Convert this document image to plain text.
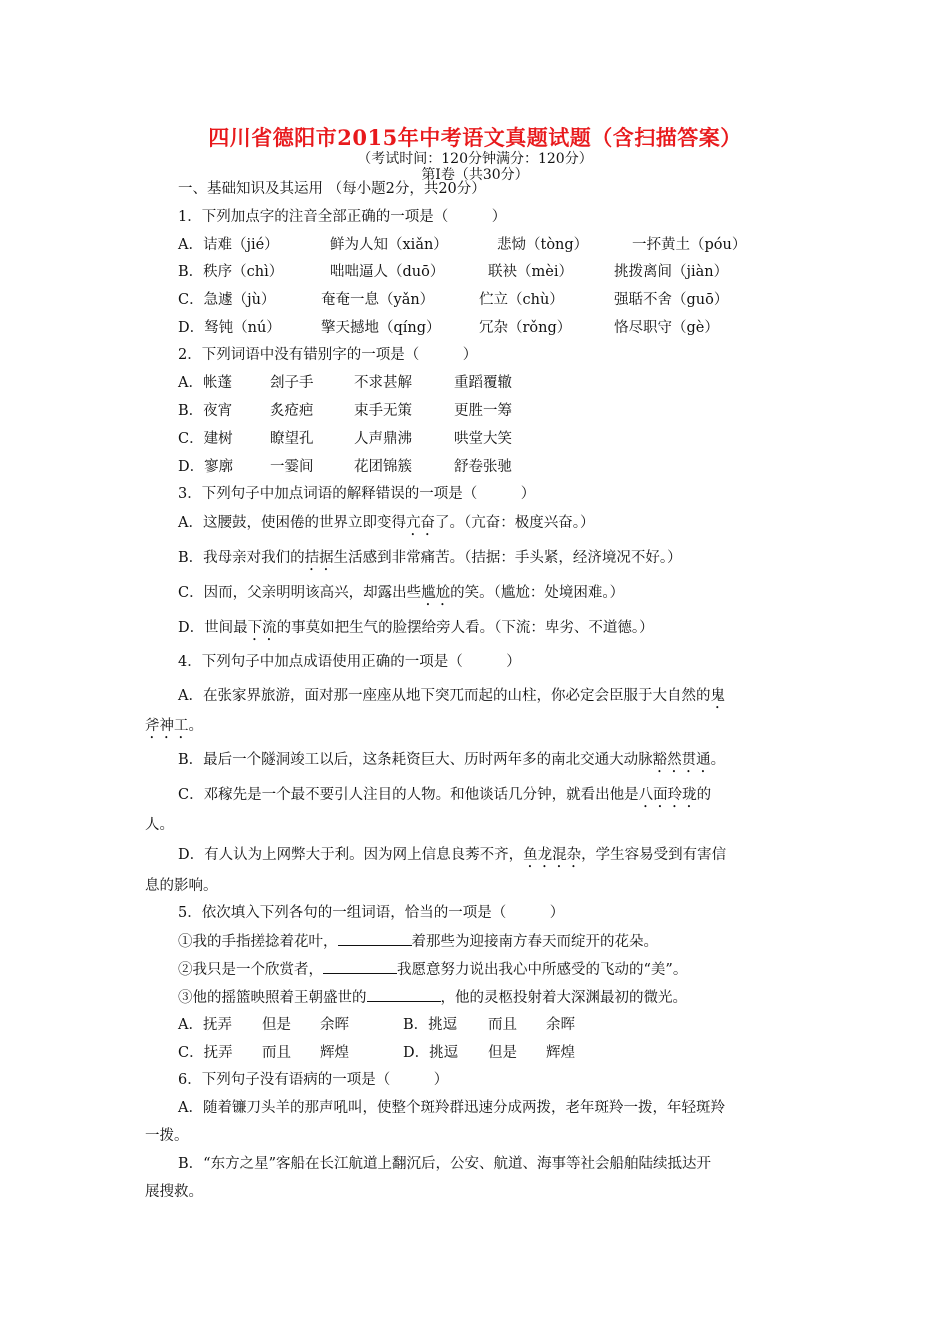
四川省德阳市2015年中考语文真题试题（含扫描答案）
（考试时间：120分钟满分：120分）
第Ⅰ卷（共30分）
一、基础知识及其运用 （每小题2分，共20分）
1．下列加点字的注音全部正确的一项是（　　　）
A．诘难（jié）	鲜为人知（xiǎn）	悲恸（tòng）	一抔黄土（póu）
B．秩序（chì）	咄咄逼人（duō）	联袂（mèi）	挑拨离间（jiàn）
C．急遽（jù）	奄奄一息（yǎn）	伫立（chù）	强聒不舍（guō）
D．驽钝（nú）	擎天撼地（qíng）	冗杂（rǒng）	恪尽职守（gè）
2．下列词语中没有错别字的一项是（　　　）
A．帐蓬	刽子手	不求甚解	重蹈覆辙
B．夜宵	炙疮疤	束手无策	更胜一筹
C．建树	瞭望孔	人声鼎沸	哄堂大笑
D．寥廓	一霎间	花团锦簇	舒卷张驰
3．下列句子中加点词语的解释错误的一项是（　　　）
A．这腰鼓，使困倦的世界立即变得亢奋了。（亢奋：极度兴奋。）
B．我母亲对我们的拮据生活感到非常痛苦。（拮据：手头紧，经济境况不好。）
C．因而，父亲明明该高兴，却露出些尴尬的笑。（尴尬：处境困难。）
D．世间最下流的事莫如把生气的脸摆给旁人看。（下流：卑劣、不道德。）
4．下列句子中加点成语使用正确的一项是（　　　）
A．在张家界旅游，面对那一座座从地下突兀而起的山柱，你必定会臣服于大自然的鬼
斧神工。
B．最后一个隧洞竣工以后，这条耗资巨大、历时两年多的南北交通大动脉豁然贯通。
C．邓稼先是一个最不要引人注目的人物。和他谈话几分钟，就看出他是八面玲珑的
人。
D．有人认为上网弊大于利。因为网上信息良莠不齐，鱼龙混杂，学生容易受到有害信
息的影响。
5．依次填入下列各句的一组词语，恰当的一项是（　　　）
①我的手指搓捻着花叶，	着那些为迎接南方春天而绽开的花朵。
②我只是一个欣赏者，	我愿意努力说出我心中所感受的飞动的“美”。
③他的摇篮映照着王朝盛世的	，他的灵柩投射着大深渊最初的微光。
A．抚弄 但是 余晖	B．挑逗 而且 余晖
C．抚弄 而且 辉煌	D．挑逗 但是 辉煌
6．下列句子没有语病的一项是（　　　）
A．随着镰刀头羊的那声吼叫，使整个斑羚群迅速分成两拨，老年斑羚一拨，年轻斑羚
一拨。
B．“东方之星”客船在长江航道上翻沉后，公安、航道、海事等社会船舶陆续抵达开
展搜救。
